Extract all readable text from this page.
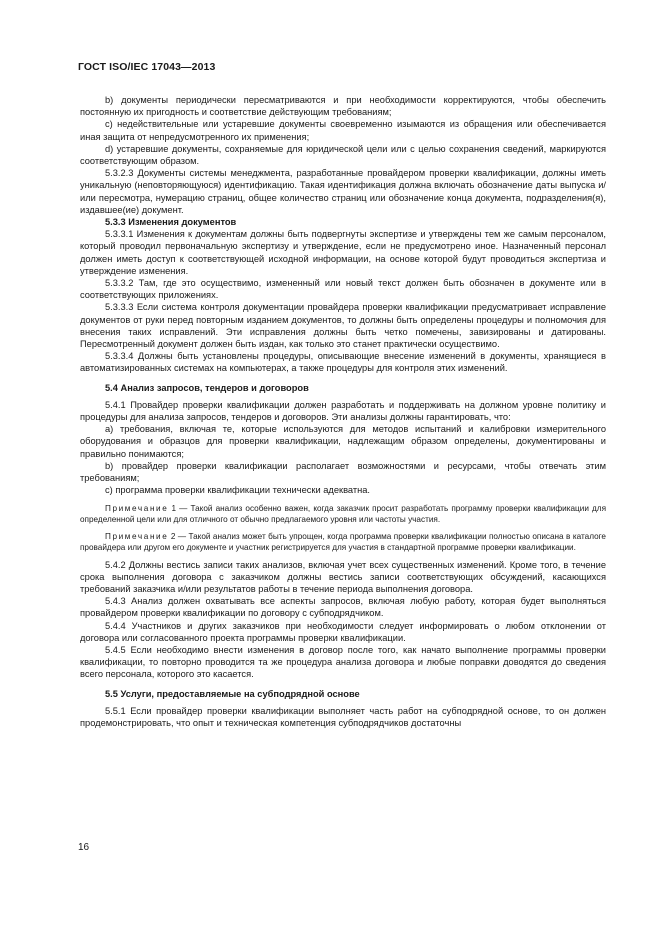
ГОСТ ISO/IEC 17043—2013

b) документы периодически пересматриваются и при необходимости корректируются, чтобы обеспечить постоянную их пригодность и соответствие действующим требованиям;

c) недействительные или устаревшие документы своевременно изымаются из обращения или обеспечивается иная защита от непредусмотренного их применения;

d) устаревшие документы, сохраняемые для юридической цели или с целью сохранения сведений, маркируются соответствующим образом.

5.3.2.3 Документы системы менеджмента, разработанные провайдером проверки квалификации, должны иметь уникальную (неповторяющуюся) идентификацию. Такая идентификация должна включать обозначение даты выпуска и/или пересмотра, нумерацию страниц, общее количество страниц или обозначение конца документа, подразделения(я), издавшее(ие) документ.

5.3.3 Изменения документов

5.3.3.1 Изменения к документам должны быть подвергнуты экспертизе и утверждены тем же самым персоналом, который проводил первоначальную экспертизу и утверждение, если не предусмотрено иное. Назначенный персонал должен иметь доступ к соответствующей исходной информации, на основе которой будут проводиться экспертиза и утверждение изменения.

5.3.3.2 Там, где это осуществимо, измененный или новый текст должен быть обозначен в документе или в соответствующих приложениях.

5.3.3.3 Если система контроля документации провайдера проверки квалификации предусматривает исправление документов от руки перед повторным изданием документов, то должны быть определены процедуры и полномочия для внесения таких исправлений. Эти исправления должны быть четко помечены, завизированы и датированы. Пересмотренный документ должен быть издан, как только это станет практически осуществимо.

5.3.3.4 Должны быть установлены процедуры, описывающие внесение изменений в документы, хранящиеся в автоматизированных системах на компьютерах, а также процедуры для контроля этих изменений.

5.4 Анализ запросов, тендеров и договоров

5.4.1 Провайдер проверки квалификации должен разработать и поддерживать на должном уровне политику и процедуры для анализа запросов, тендеров и договоров. Эти анализы должны гарантировать, что:

a) требования, включая те, которые используются для методов испытаний и калибровки измерительного оборудования и образцов для проверки квалификации, надлежащим образом определены, документированы и правильно понимаются;

b) провайдер проверки квалификации располагает возможностями и ресурсами, чтобы отвечать этим требованиям;

c) программа проверки квалификации технически адекватна.

Примечание 1 — Такой анализ особенно важен, когда заказчик просит разработать программу проверки квалификации для определенной цели или для отличного от обычно предлагаемого уровня или частоты участия.

Примечание 2 — Такой анализ может быть упрощен, когда программа проверки квалификации полностью описана в каталоге провайдера или другом его документе и участник регистрируется для участия в стандартной программе проверки квалификации.

5.4.2 Должны вестись записи таких анализов, включая учет всех существенных изменений. Кроме того, в течение срока выполнения договора с заказчиком должны вестись записи соответствующих обсуждений, касающихся требований заказчика и/или результатов работы в течение периода выполнения договора.

5.4.3 Анализ должен охватывать все аспекты запросов, включая любую работу, которая будет выполняться провайдером проверки квалификации по договору с субподрядчиком.

5.4.4 Участников и других заказчиков при необходимости следует информировать о любом отклонении от договора или согласованного проекта программы проверки квалификации.

5.4.5 Если необходимо внести изменения в договор после того, как начато выполнение программы проверки квалификации, то повторно проводится та же процедура анализа договора и любые поправки доводятся до сведения всего персонала, которого это касается.

5.5 Услуги, предоставляемые на субподрядной основе

5.5.1 Если провайдер проверки квалификации выполняет часть работ на субподрядной основе, то он должен продемонстрировать, что опыт и техническая компетенция субподрядчиков достаточны

16
